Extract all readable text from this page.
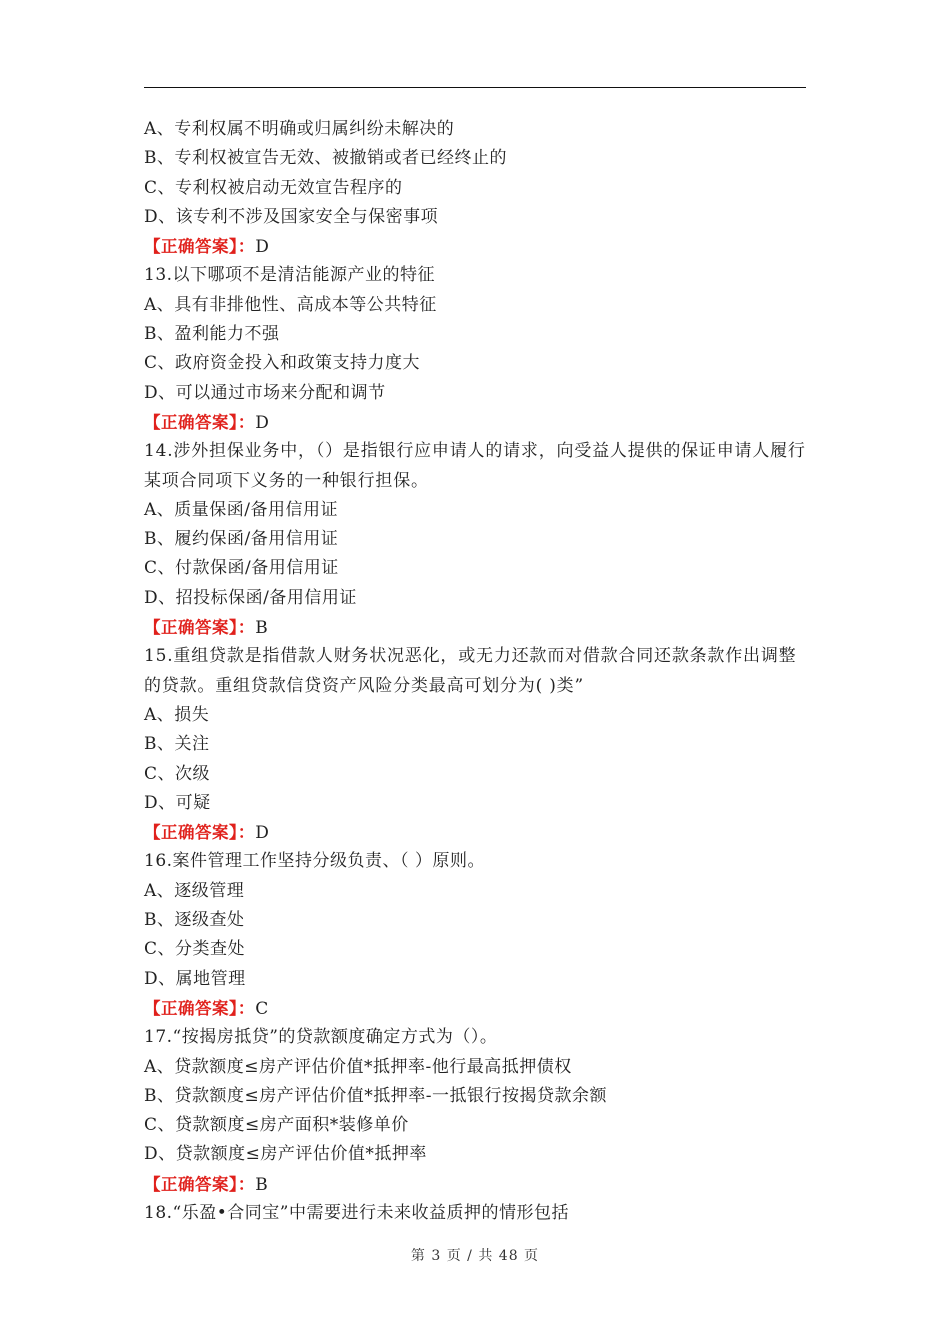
A、专利权属不明确或归属纠纷未解决的
B、专利权被宣告无效、被撤销或者已经终止的
C、专利权被启动无效宣告程序的
D、该专利不涉及国家安全与保密事项
【正确答案】：D
13.以下哪项不是清洁能源产业的特征
A、具有非排他性、高成本等公共特征
B、盈利能力不强
C、政府资金投入和政策支持力度大
D、可以通过市场来分配和调节
【正确答案】：D
14.涉外担保业务中，（）是指银行应申请人的请求，向受益人提供的保证申请人履行某项合同项下义务的一种银行担保。
A、质量保函/备用信用证
B、履约保函/备用信用证
C、付款保函/备用信用证
D、招投标保函/备用信用证
【正确答案】：B
15.重组贷款是指借款人财务状况恶化，或无力还款而对借款合同还款条款作出调整的贷款。重组贷款信贷资产风险分类最高可划分为( )类”
A、损失
B、关注
C、次级
D、可疑
【正确答案】：D
16.案件管理工作坚持分级负责、（ ）原则。
A、逐级管理
B、逐级查处
C、分类查处
D、属地管理
【正确答案】：C
17.“按揭房抵贷”的贷款额度确定方式为（）。
A、贷款额度≤房产评估价值*抵押率-他行最高抵押债权
B、贷款额度≤房产评估价值*抵押率-一抵银行按揭贷款余额
C、贷款额度≤房产面积*装修单价
D、贷款额度≤房产评估价值*抵押率
【正确答案】：B
18.“乐盈•合同宝”中需要进行未来收益质押的情形包括
第 3 页 / 共 48 页
